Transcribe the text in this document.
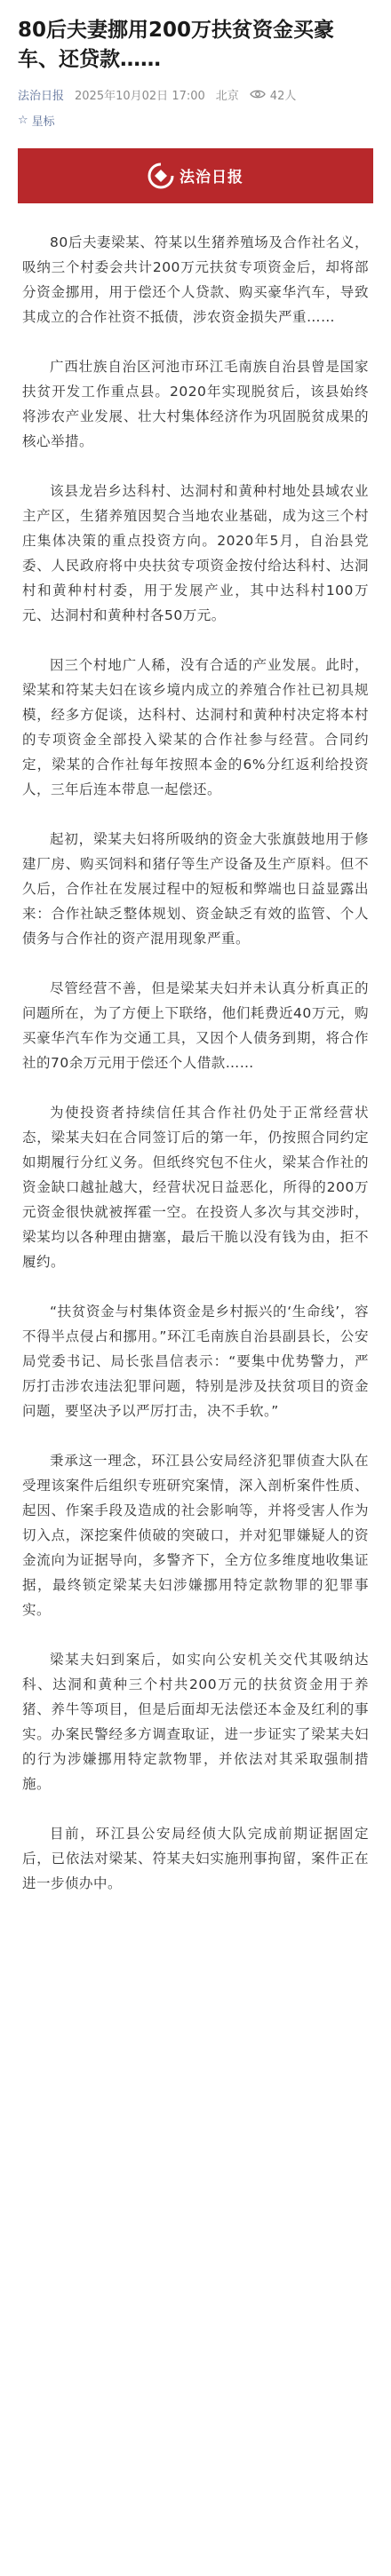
80后夫妻挪用200万扶贫资金买豪车、还贷款……
法治日报 2025年10月02日 17:00 北京	42人
☆ 星标
法治日报

80后夫妻梁某、符某以生猪养殖场及合作社名义，吸纳三个村委会共计200万元扶贫专项资金后，却将部分资金挪用，用于偿还个人贷款、购买豪华汽车，导致其成立的合作社资不抵债，涉农资金损失严重……

广西壮族自治区河池市环江毛南族自治县曾是国家扶贫开发工作重点县。2020年实现脱贫后，该县始终将涉农产业发展、壮大村集体经济作为巩固脱贫成果的核心举措。

该县龙岩乡达科村、达洞村和黄种村地处县域农业主产区，生猪养殖因契合当地农业基础，成为这三个村庄集体决策的重点投资方向。2020年5月，自治县党委、人民政府将中央扶贫专项资金按付给达科村、达洞村和黄种村村委，用于发展产业，其中达科村100万元、达洞村和黄种村各50万元。

因三个村地广人稀，没有合适的产业发展。此时，梁某和符某夫妇在该乡境内成立的养殖合作社已初具规模，经多方促谈，达科村、达洞村和黄种村决定将本村的专项资金全部投入梁某的合作社参与经营。合同约定，梁某的合作社每年按照本金的6%分红返利给投资人，三年后连本带息一起偿还。

起初，梁某夫妇将所吸纳的资金大张旗鼓地用于修建厂房、购买饲料和猪仔等生产设备及生产原料。但不久后，合作社在发展过程中的短板和弊端也日益显露出来：合作社缺乏整体规划、资金缺乏有效的监管、个人债务与合作社的资产混用现象严重。

尽管经营不善，但是梁某夫妇并未认真分析真正的问题所在，为了方便上下联络，他们耗费近40万元，购买豪华汽车作为交通工具，又因个人债务到期，将合作社的70余万元用于偿还个人借款……

为使投资者持续信任其合作社仍处于正常经营状态，梁某夫妇在合同签订后的第一年，仍按照合同约定如期履行分红义务。但纸终究包不住火，梁某合作社的资金缺口越扯越大，经营状况日益恶化，所得的200万元资金很快就被挥霍一空。在投资人多次与其交涉时，梁某均以各种理由搪塞，最后干脆以没有钱为由，拒不履约。

“扶贫资金与村集体资金是乡村振兴的‘生命线’，容不得半点侵占和挪用。”环江毛南族自治县副县长，公安局党委书记、局长张昌信表示：“要集中优势警力，严厉打击涉农违法犯罪问题，特别是涉及扶贫项目的资金问题，要坚决予以严厉打击，决不手软。”

秉承这一理念，环江县公安局经济犯罪侦查大队在受理该案件后组织专班研究案情，深入剖析案件性质、起因、作案手段及造成的社会影响等，并将受害人作为切入点，深挖案件侦破的突破口，并对犯罪嫌疑人的资金流向为证据导向，多警齐下，全方位多维度地收集证据，最终锁定梁某夫妇涉嫌挪用特定款物罪的犯罪事实。

梁某夫妇到案后，如实向公安机关交代其吸纳达科、达洞和黄种三个村共200万元的扶贫资金用于养猪、养牛等项目，但是后面却无法偿还本金及红利的事实。办案民警经多方调查取证，进一步证实了梁某夫妇的行为涉嫌挪用特定款物罪，并依法对其采取强制措施。

目前，环江县公安局经侦大队完成前期证据固定后，已依法对梁某、符某夫妇实施刑事拘留，案件正在进一步侦办中。
